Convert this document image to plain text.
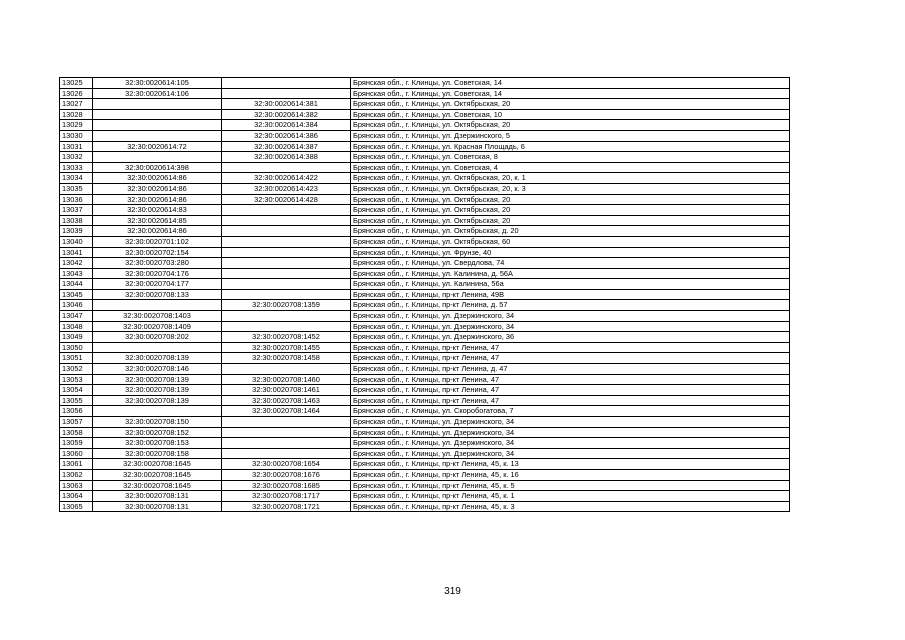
13025	32:30:0020614:105		Брянская обл., г. Клинцы, ул. Советская, 14
13026	32:30:0020614:106		Брянская обл., г. Клинцы, ул. Советская, 14
13027		32:30:0020614:381	Брянская обл., г. Клинцы, ул. Октябрьская, 20
13028		32:30:0020614:382	Брянская обл., г. Клинцы, ул. Советская, 10
13029		32:30:0020614:384	Брянская обл., г. Клинцы, ул. Октябрьская, 20
13030		32:30:0020614:386	Брянская обл., г. Клинцы, ул. Дзержинского, 5
13031	32:30:0020614:72	32:30:0020614:387	Брянская обл., г. Клинцы, ул. Красная Площадь, 6
13032		32:30:0020614:388	Брянская обл., г. Клинцы, ул. Советская, 8
13033	32:30:0020614:398		Брянская обл., г. Клинцы, ул. Советская, 4
13034	32:30:0020614:86	32:30:0020614:422	Брянская обл., г. Клинцы, ул. Октябрьская, 20, к. 1
13035	32:30:0020614:86	32:30:0020614:423	Брянская обл., г. Клинцы, ул. Октябрьская, 20, к. 3
13036	32:30:0020614:86	32:30:0020614:428	Брянская обл., г. Клинцы, ул. Октябрьская, 20
13037	32:30:0020614:83		Брянская обл., г. Клинцы, ул. Октябрьская, 20
13038	32:30:0020614:85		Брянская обл., г. Клинцы, ул. Октябрьская, 20
13039	32:30:0020614:86		Брянская обл., г. Клинцы, ул. Октябрьская, д. 20
13040	32:30:0020701:102		Брянская обл., г. Клинцы, ул. Октябрьская, 60
13041	32:30:0020702:154		Брянская обл., г. Клинцы, ул. Фрунзе, 40
13042	32:30:0020703:280		Брянская обл., г. Клинцы, ул. Свердлова, 74
13043	32:30:0020704:176		Брянская обл., г. Клинцы, ул. Калинина, д. 56А
13044	32:30:0020704:177		Брянская обл., г. Клинцы, ул. Калинина, 56а
13045	32:30:0020708:133		Брянская обл., г. Клинцы, пр-кт Ленина, 49В
13046		32:30:0020708:1359	Брянская обл., г. Клинцы, пр-кт Ленина, д. 57
13047	32:30:0020708:1403		Брянская обл., г. Клинцы, ул. Дзержинского, 34
13048	32:30:0020708:1409		Брянская обл., г. Клинцы, ул. Дзержинского, 34
13049	32:30:0020708:202	32:30:0020708:1452	Брянская обл., г. Клинцы, ул. Дзержинского, 36
13050		32:30:0020708:1455	Брянская обл., г. Клинцы, пр-кт Ленина, 47
13051	32:30:0020708:139	32:30:0020708:1458	Брянская обл., г. Клинцы, пр-кт Ленина, 47
13052	32:30:0020708:146		Брянская обл., г. Клинцы, пр-кт Ленина, д. 47
13053	32:30:0020708:139	32:30:0020708:1460	Брянская обл., г. Клинцы, пр-кт Ленина, 47
13054	32:30:0020708:139	32:30:0020708:1461	Брянская обл., г. Клинцы, пр-кт Ленина, 47
13055	32:30:0020708:139	32:30:0020708:1463	Брянская обл., г. Клинцы, пр-кт Ленина, 47
13056		32:30:0020708:1464	Брянская обл., г. Клинцы, ул. Скоробогатова, 7
13057	32:30:0020708:150		Брянская обл., г. Клинцы, ул. Дзержинского, 34
13058	32:30:0020708:152		Брянская обл., г. Клинцы, ул. Дзержинского, 34
13059	32:30:0020708:153		Брянская обл., г. Клинцы, ул. Дзержинского, 34
13060	32:30:0020708:158		Брянская обл., г. Клинцы, ул. Дзержинского, 34
13061	32:30:0020708:1645	32:30:0020708:1654	Брянская обл., г. Клинцы, пр-кт Ленина, 45, к. 13
13062	32:30:0020708:1645	32:30:0020708:1676	Брянская обл., г. Клинцы, пр-кт Ленина, 45, к. 16
13063	32:30:0020708:1645	32:30:0020708:1685	Брянская обл., г. Клинцы, пр-кт Ленина, 45, к. 5
13064	32:30:0020708:131	32:30:0020708:1717	Брянская обл., г. Клинцы, пр-кт Ленина, 45, к. 1
13065	32:30:0020708:131	32:30:0020708:1721	Брянская обл., г. Клинцы, пр-кт Ленина, 45, к. 3
319
